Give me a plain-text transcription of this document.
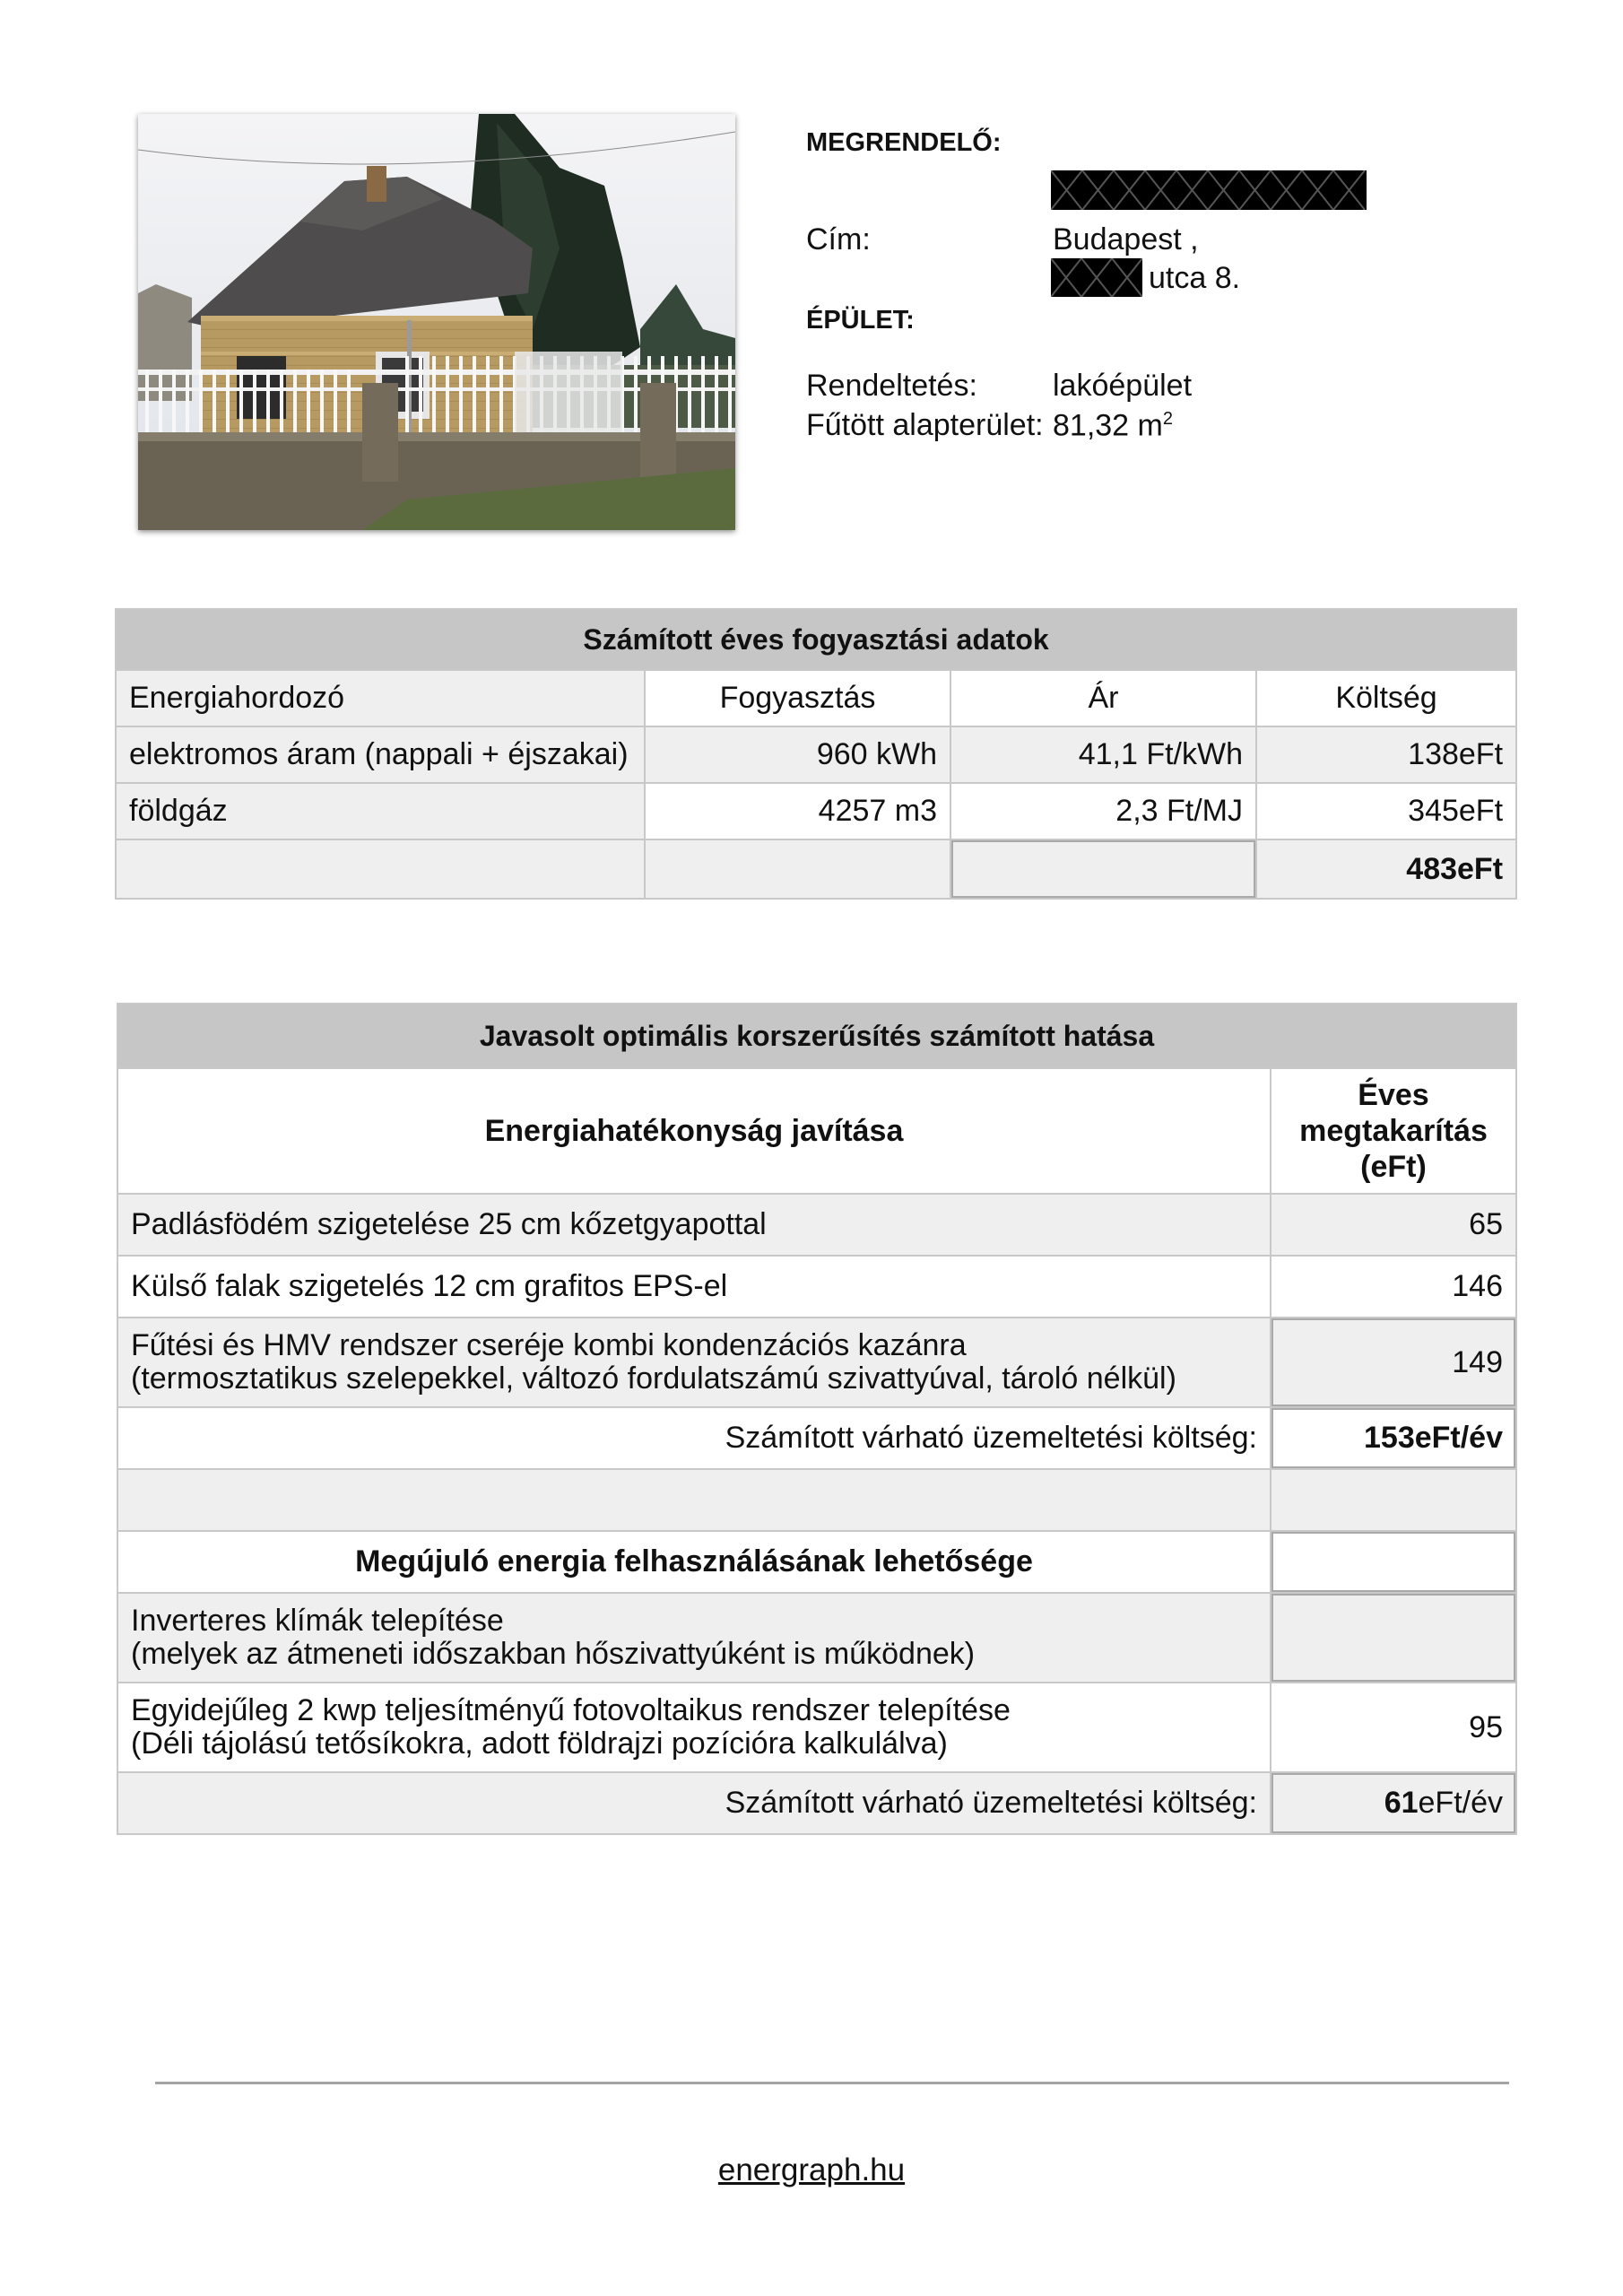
MEGRENDELŐ:
Cím:	Budapest ,
utca 8.
ÉPÜLET:
Rendeltetés: lakóépület
Fűtött alapterület: 81,32 $m^2$
Számított éves fogyasztási adatok			
Energiahordozó	Fogyasztás	Ár	Költség
elektromos áram (nappali + éjszakai)	960 kWh	41,1 Ft/kWh	138eFt
földgáz	4257 m3	2,3 Ft/MJ	345eFt
			483eFt
Javasolt optimális korszerűsítés számított hatása	
Energiahatékonyság javítása	Éves
megtakarítás
(eFt)

Padlásfödém szigetelése 25 cm kőzetgyapottal	65
Külső falak szigetelés 12 cm grafitos EPS-el	146

Fűtési és HMV rendszer cseréje kombi kondenzációs kazánra
(termosztatikus szelepekkel, változó fordulatszámú szivattyúval, tároló nélkül)	149
Számított várható üzemeltetési költség:	153eFt/év

Megújuló energia felhasználásának lehetősége	

Inverteres klímák telepítése
(melyek az átmeneti időszakban hőszivattyúként is működnek)	

Egyidejűleg 2 kwp teljesítményű fotovoltaikus rendszer telepítése
(Déli tájolású tetősíkokra, adott földrajzi pozícióra kalkulálva)	95
Számított várható üzemeltetési költség:	61eFt/év
energraph.hu
